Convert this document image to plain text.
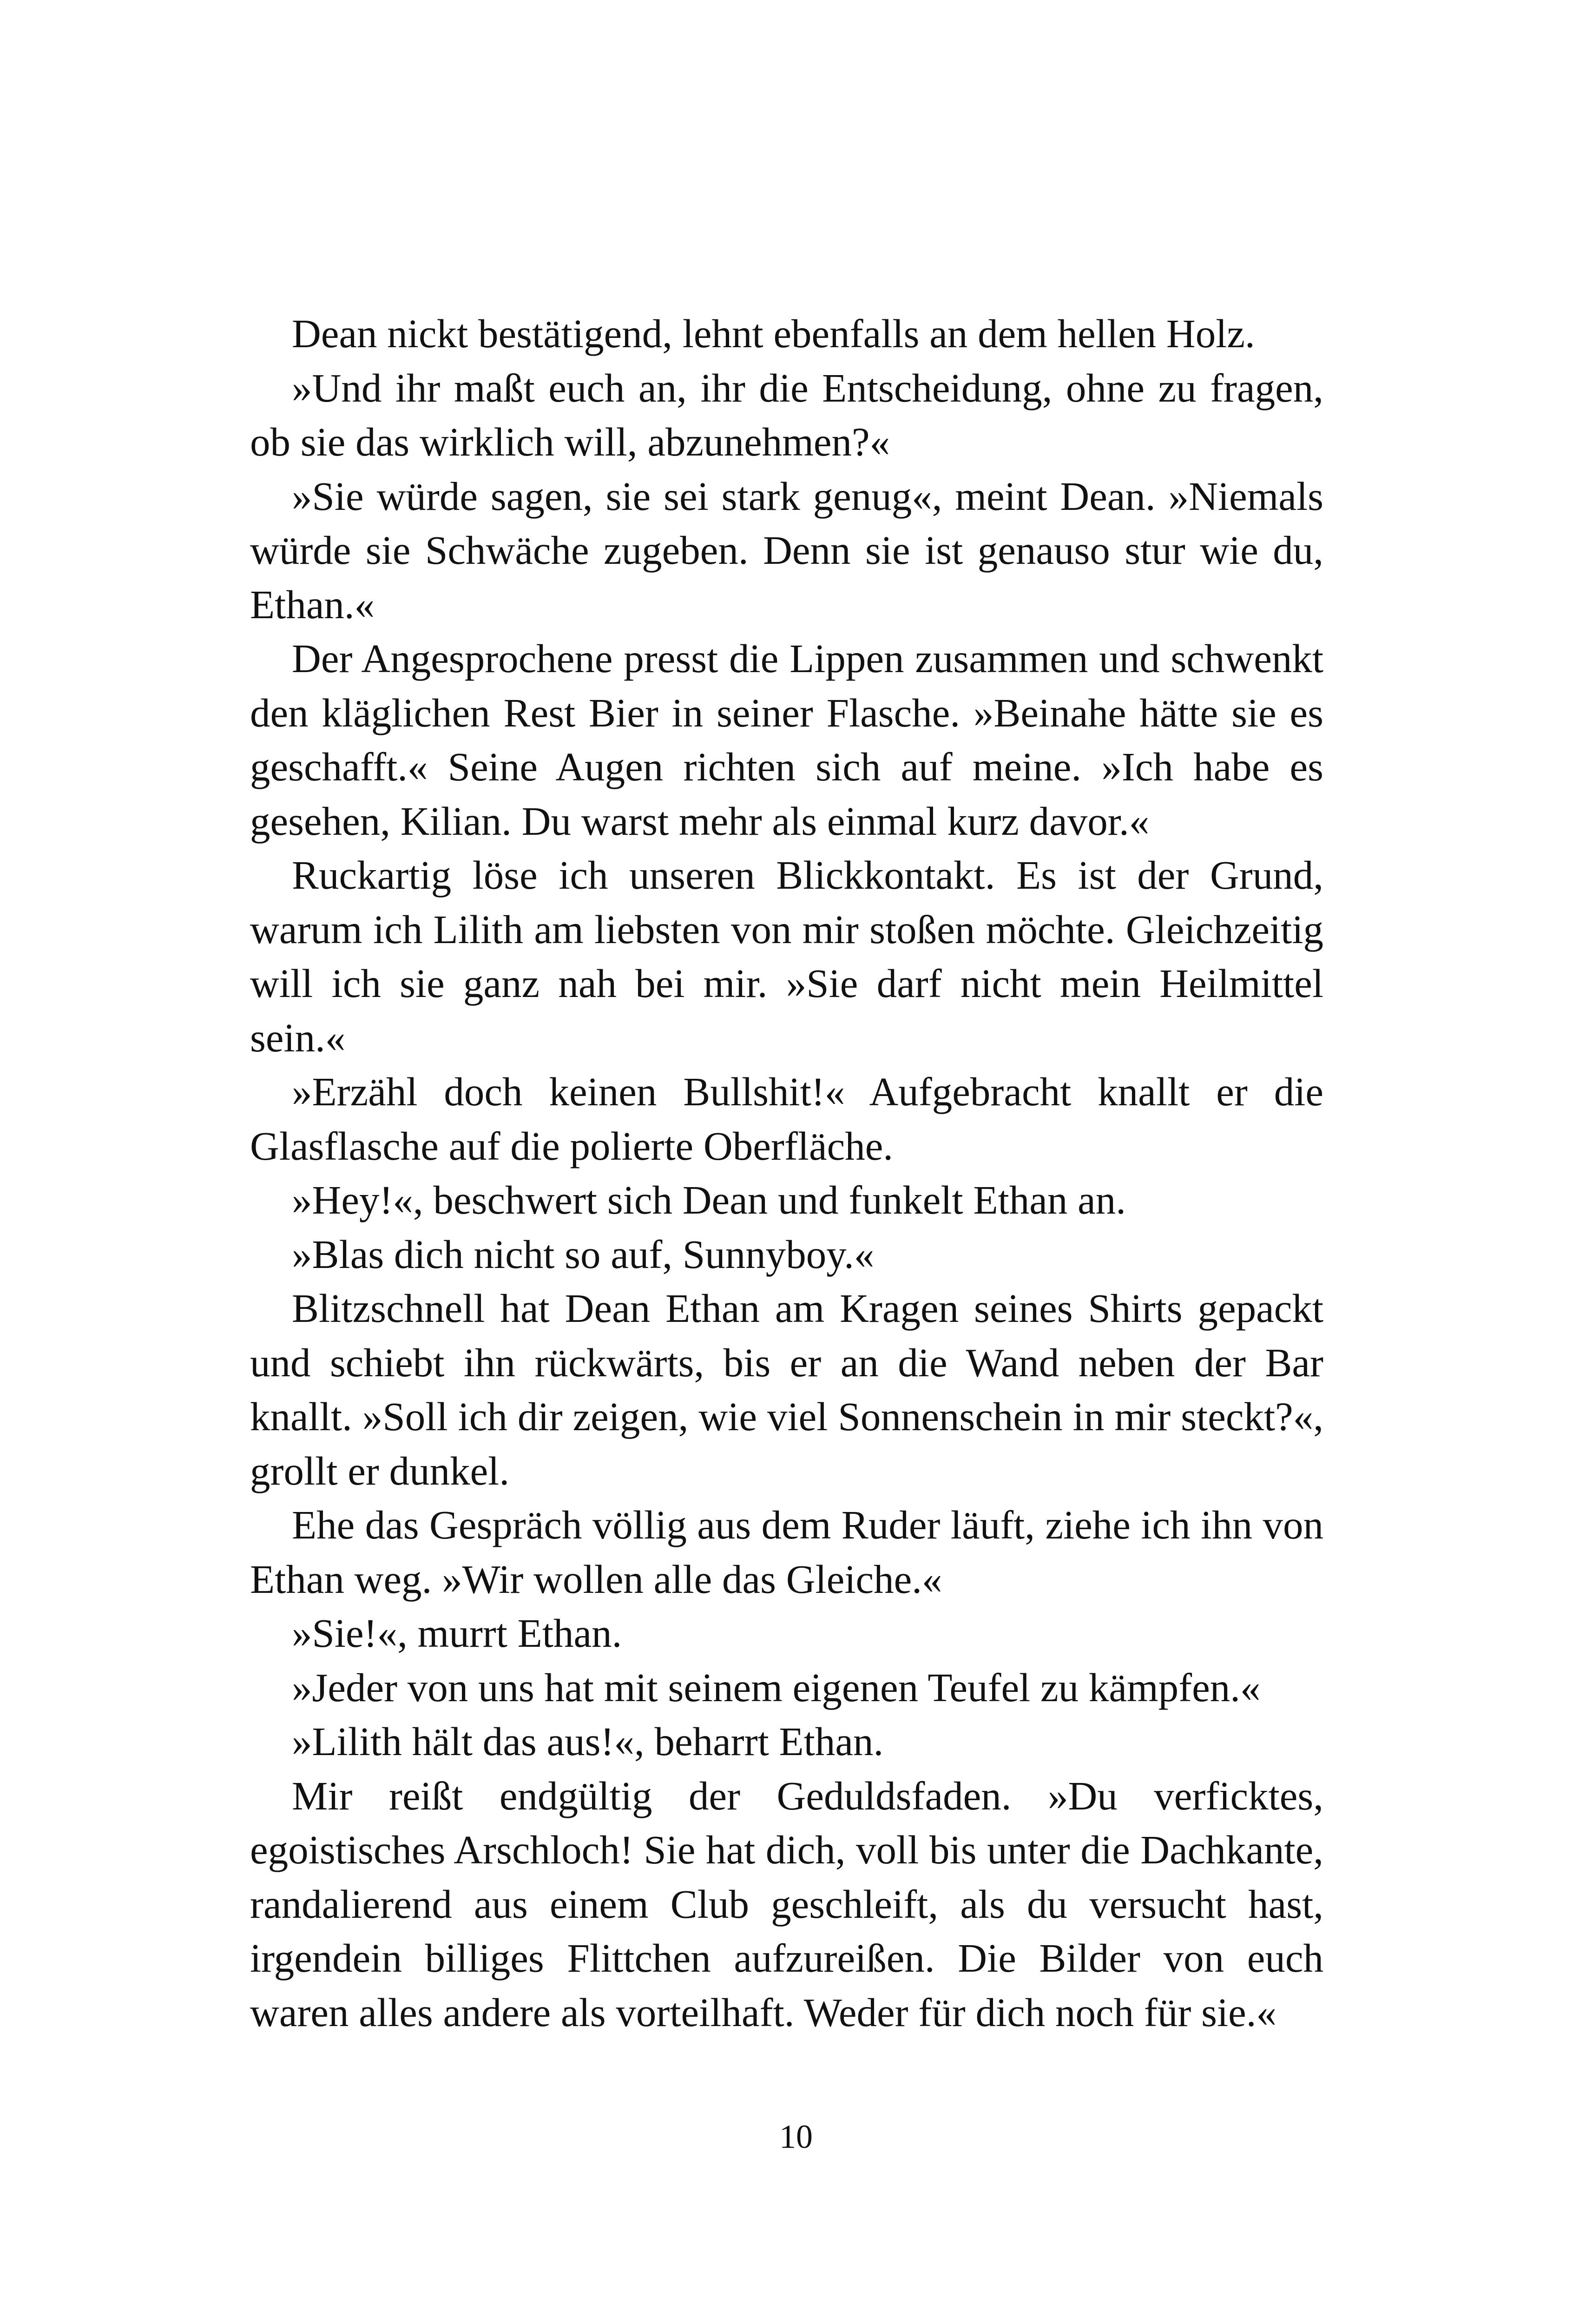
Dean nickt bestätigend, lehnt ebenfalls an dem hellen Holz.

»Und ihr maßt euch an, ihr die Entscheidung, ohne zu fragen, ob sie das wirklich will, abzunehmen?«

»Sie würde sagen, sie sei stark genug«, meint Dean. »Niemals würde sie Schwäche zugeben. Denn sie ist genauso stur wie du, Ethan.«

Der Angesprochene presst die Lippen zusammen und schwenkt den kläglichen Rest Bier in seiner Flasche. »Beinahe hätte sie es geschafft.« Seine Augen richten sich auf meine. »Ich habe es gesehen, Kilian. Du warst mehr als einmal kurz davor.«

Ruckartig löse ich unseren Blickkontakt. Es ist der Grund, warum ich Lilith am liebsten von mir stoßen möchte. Gleichzeitig will ich sie ganz nah bei mir. »Sie darf nicht mein Heilmittel sein.«

»Erzähl doch keinen Bullshit!« Aufgebracht knallt er die Glasflasche auf die polierte Oberfläche.

»Hey!«, beschwert sich Dean und funkelt Ethan an.

»Blas dich nicht so auf, Sunnyboy.«

Blitzschnell hat Dean Ethan am Kragen seines Shirts gepackt und schiebt ihn rückwärts, bis er an die Wand neben der Bar knallt. »Soll ich dir zeigen, wie viel Sonnenschein in mir steckt?«, grollt er dunkel.

Ehe das Gespräch völlig aus dem Ruder läuft, ziehe ich ihn von Ethan weg. »Wir wollen alle das Gleiche.«

»Sie!«, murrt Ethan.

»Jeder von uns hat mit seinem eigenen Teufel zu kämpfen.«

»Lilith hält das aus!«, beharrt Ethan.

Mir reißt endgültig der Geduldsfaden. »Du verficktes, egoistisches Arschloch! Sie hat dich, voll bis unter die Dachkante, randalierend aus einem Club geschleift, als du versucht hast, irgendein billiges Flittchen aufzureißen. Die Bilder von euch waren alles andere als vorteilhaft. Weder für dich noch für sie.«

10
